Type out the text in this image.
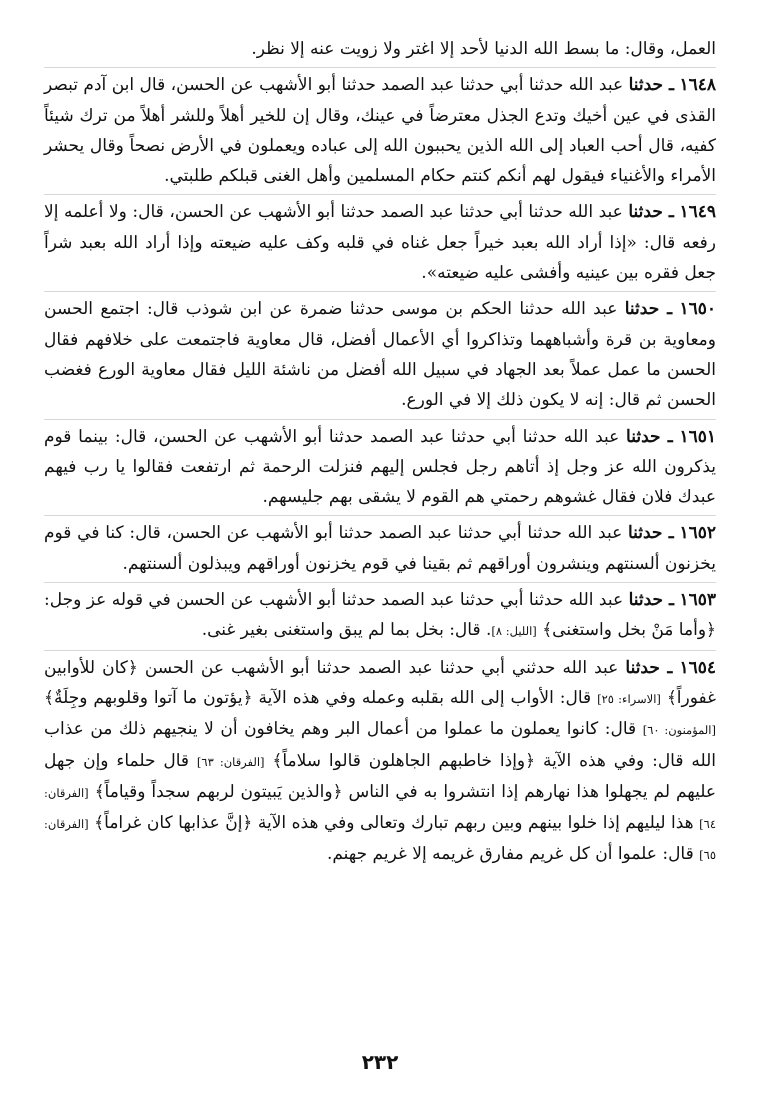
العمل، وقال: ما بسط الله الدنيا لأحد إلا اغتر ولا زويت عنه إلا نظر.

١٦٤٨ ـ حدثنا عبد الله حدثنا أبي حدثنا عبد الصمد حدثنا أبو الأشهب عن الحسن، قال ابن آدم تبصر القذى في عين أخيك وتدع الجذل معترضاً في عينك، وقال إن للخير أهلاً وللشر أهلاً من ترك شيئاً كفيه، قال أحب العباد إلى الله الذين يحببون الله إلى عباده ويعملون في الأرض نصحاً وقال يحشر الأمراء والأغنياء فيقول لهم أنكم كنتم حكام المسلمين وأهل الغنى قبلكم طلبتي.

١٦٤٩ ـ حدثنا عبد الله حدثنا أبي حدثنا عبد الصمد حدثنا أبو الأشهب عن الحسن، قال: ولا أعلمه إلا رفعه قال: «إذا أراد الله بعبد خيراً جعل غناه في قلبه وكف عليه ضيعته وإذا أراد الله بعبد شراً جعل فقره بين عينيه وأفشى عليه ضيعته».

١٦٥٠ ـ حدثنا عبد الله حدثنا الحكم بن موسى حدثنا ضمرة عن ابن شوذب قال: اجتمع الحسن ومعاوية بن قرة وأشباههما وتذاكروا أي الأعمال أفضل، قال معاوية فاجتمعت على خلافهم فقال الحسن ما عمل عملاً بعد الجهاد في سبيل الله أفضل من ناشئة الليل فقال معاوية الورع فغضب الحسن ثم قال: إنه لا يكون ذلك إلا في الورع.

١٦٥١ ـ حدثنا عبد الله حدثنا أبي حدثنا عبد الصمد حدثنا أبو الأشهب عن الحسن، قال: بينما قوم يذكرون الله عز وجل إذ أتاهم رجل فجلس إليهم فنزلت الرحمة ثم ارتفعت فقالوا يا رب فيهم عبدك فلان فقال غشوهم رحمتي هم القوم لا يشقى بهم جليسهم.

١٦٥٢ ـ حدثنا عبد الله حدثنا أبي حدثنا عبد الصمد حدثنا أبو الأشهب عن الحسن، قال: كنا في قوم يخزنون ألسنتهم وينشرون أوراقهم ثم بقينا في قوم يخزنون أوراقهم ويبذلون ألسنتهم.

١٦٥٣ ـ حدثنا عبد الله حدثنا أبي حدثنا عبد الصمد حدثنا أبو الأشهب عن الحسن في قوله عز وجل: ﴿وأما مَنْ بخل واستغنى﴾ [الليل: ٨]. قال: بخل بما لم يبق واستغنى بغير غنى.

١٦٥٤ ـ حدثنا عبد الله حدثني أبي حدثنا عبد الصمد حدثنا أبو الأشهب عن الحسن ﴿كان للأوابين غفوراً﴾ [الاسراء: ٢٥] قال: الأواب إلى الله بقلبه وعمله وفي هذه الآية ﴿يؤتون ما آتوا وقلوبهم وجِلَةٌ﴾ [المؤمنون: ٦٠] قال: كانوا يعملون ما عملوا من أعمال البر وهم يخافون أن لا ينجيهم ذلك من عذاب الله قال: وفي هذه الآية ﴿وإذا خاطبهم الجاهلون قالوا سلاماً﴾ [الفرقان: ٦٣] قال حلماء وإن جهل عليهم لم يجهلوا هذا نهارهم إذا انتشروا به في الناس ﴿والذين يَبيتون لربهم سجداً وقياماً﴾ [الفرقان: ٦٤] هذا ليليهم إذا خلوا بينهم وبين ربهم تبارك وتعالى وفي هذه الآية ﴿إنَّ عذابها كان غراماً﴾ [الفرقان: ٦٥] قال: علموا أن كل غريم مفارق غريمه إلا غريم جهنم.

٢٣٢
